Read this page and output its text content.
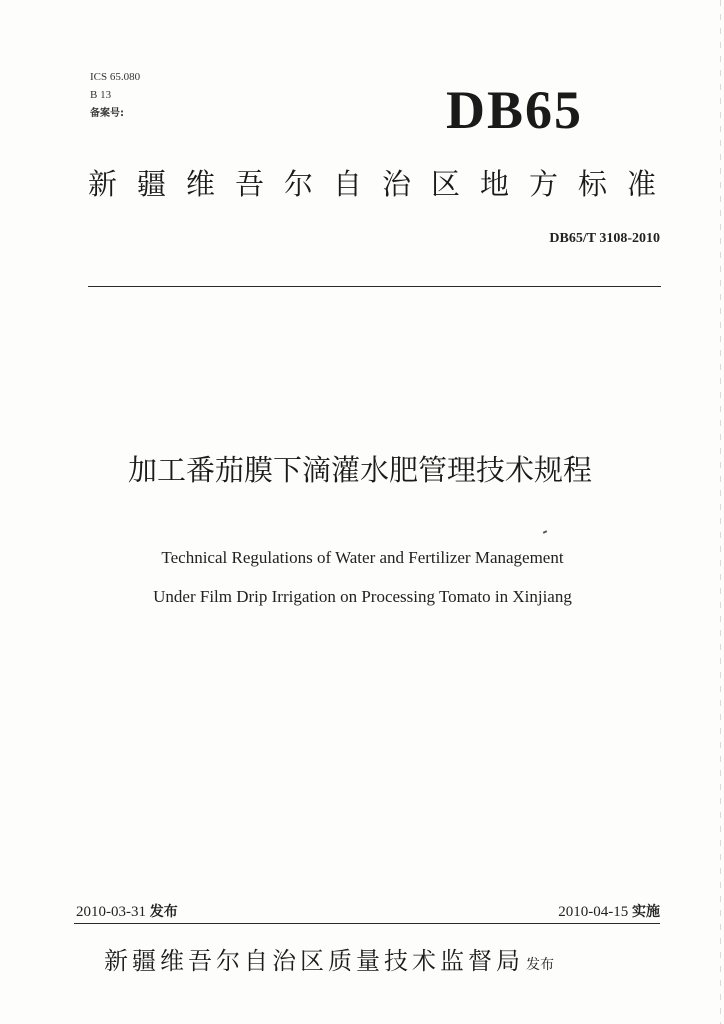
ICS 65.080
B 13
备案号:	DB65
新疆维吾尔自治区地方标准
DB65/T 3108-2010
加工番茄膜下滴灌水肥管理技术规程
Technical Regulations of Water and Fertilizer Management
Under Film Drip Irrigation on Processing Tomato in Xinjiang
2010-03-31 发布	2010-04-15 实施
新疆维吾尔自治区质量技术监督局 发布
